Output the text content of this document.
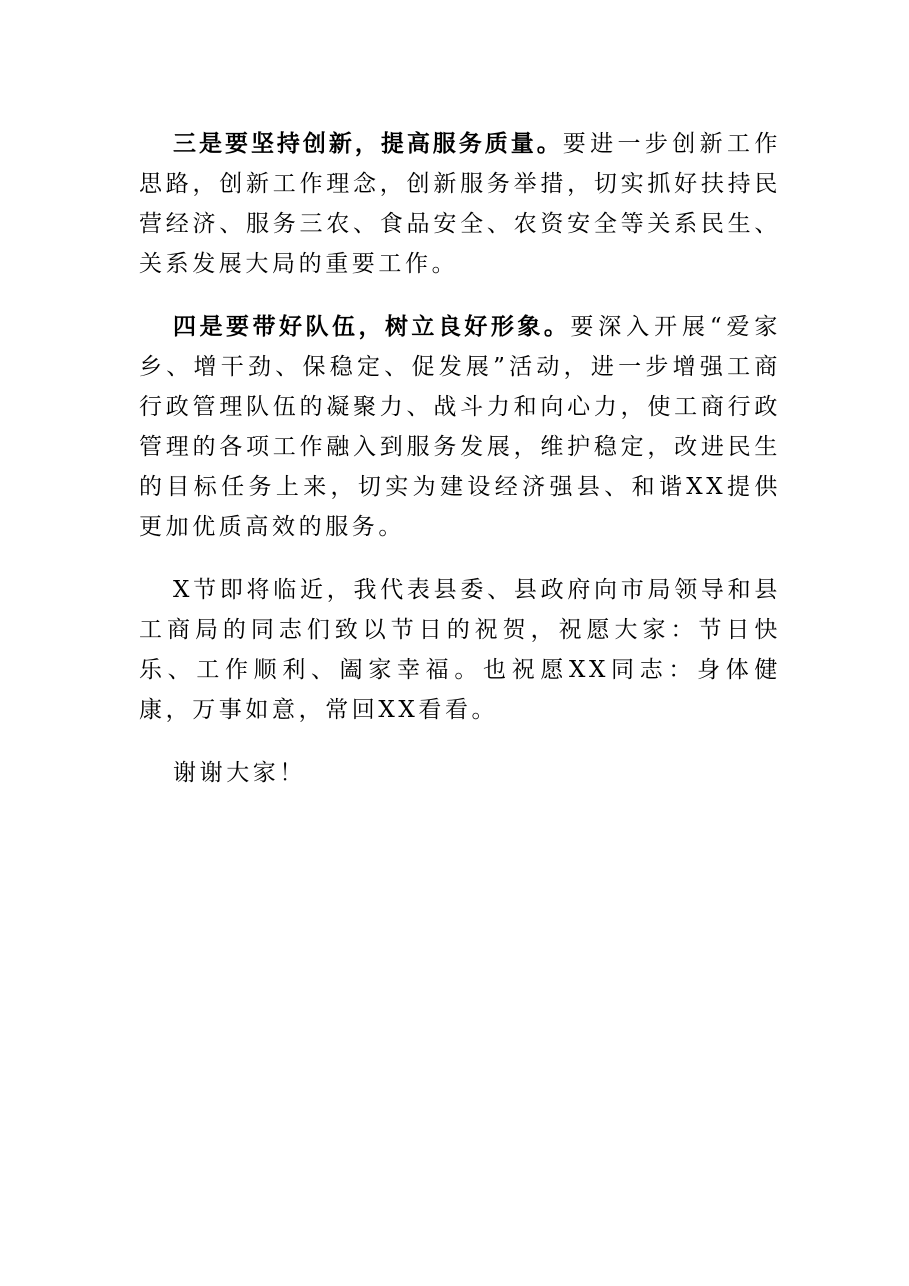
三是要坚持创新，提高服务质量。要进一步创新工作思路，创新工作理念，创新服务举措，切实抓好扶持民营经济、服务三农、食品安全、农资安全等关系民生、关系发展大局的重要工作。

四是要带好队伍，树立良好形象。要深入开展“爱家乡、增干劲、保稳定、促发展”活动，进一步增强工商行政管理队伍的凝聚力、战斗力和向心力，使工商行政管理的各项工作融入到服务发展，维护稳定，改进民生的目标任务上来，切实为建设经济强县、和谐XX提供更加优质高效的服务。

X节即将临近，我代表县委、县政府向市局领导和县工商局的同志们致以节日的祝贺，祝愿大家：节日快乐、工作顺利、阖家幸福。也祝愿XX同志：身体健康，万事如意，常回XX看看。

谢谢大家！
